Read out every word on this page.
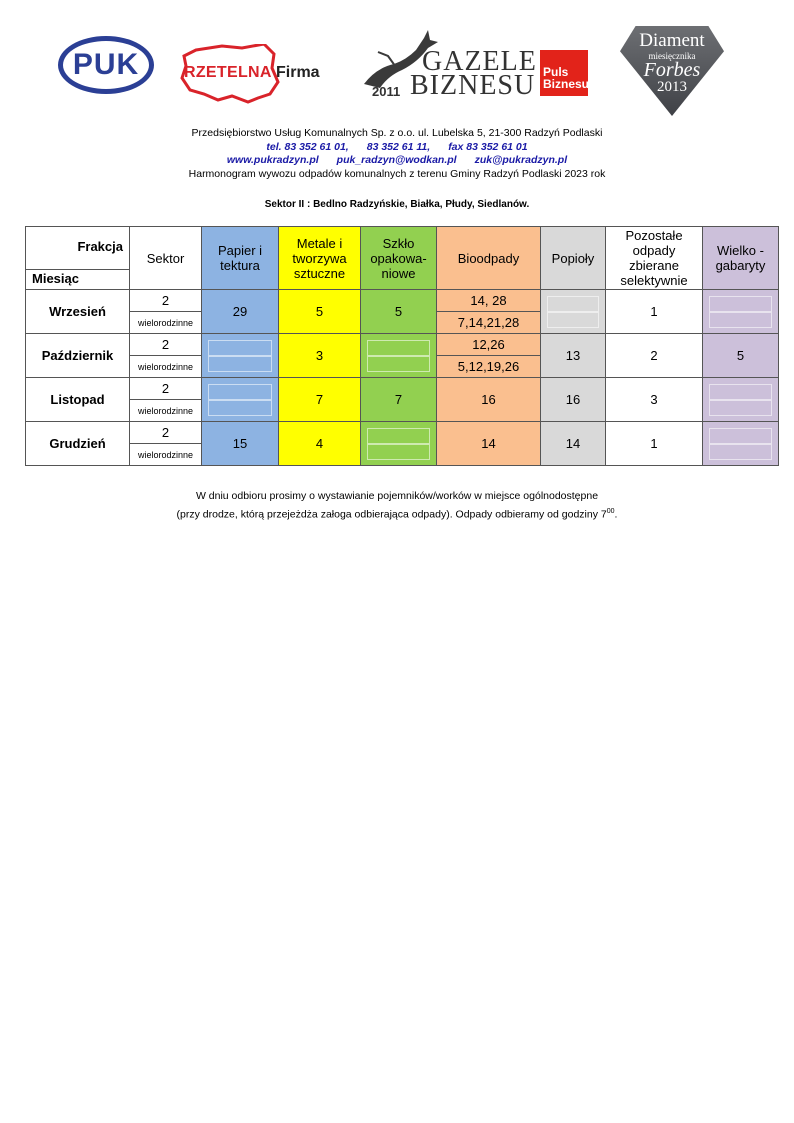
PUK	RZETELNA Firma	GAZELE
BIZNESU
2011
Puls
Biznesu
Diament
miesięcznika
Forbes
2013
Przedsiębiorstwo Usług Komunalnych Sp. z o.o. ul. Lubelska 5, 21-300 Radzyń Podlaski
tel. 83 352 61 01, 83 352 61 11, fax 83 352 61 01
www.pukradzyn.pl puk_radzyn@wodkan.pl zuk@pukradzyn.pl
Harmonogram wywozu odpadów komunalnych z terenu Gminy Radzyń Podlaski 2023 rok
Sektor II : Bedlno Radzyńskie, Białka, Płudy, Siedlanów.
Frakcja
Miesiąc	Sektor	Papier i tektura	Metale i tworzywa sztuczne	Szkło opakowa-niowe	Bioodpady	Popioły	Pozostałe odpady zbierane selektywnie	Wielko - gabaryty
Wrzesień	2	29	5	5	14, 28		1	

	wielorodzinne				7,14,21,28			
Październik	2		3		12,26	13	2	5
	wielorodzinne				5,12,19,26			
Listopad	2		7	7	16	16	3	

	wielorodzinne							
Grudzień	2	15	4		14	14	1	

	wielorodzinne							
W dniu odbioru prosimy o wystawianie pojemników/worków w miejsce ogólnodostępne
(przy drodze, którą przejeżdża załoga odbierająca odpady). Odpady odbieramy od godziny $7^{00}$.
